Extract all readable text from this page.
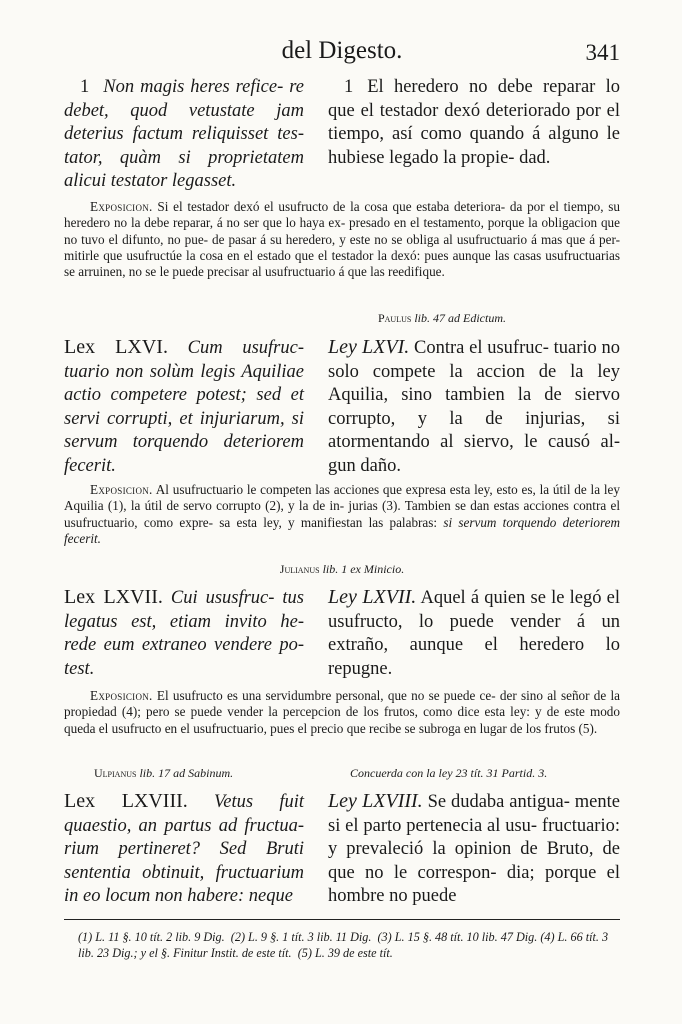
del Digesto.	341
1 Non magis heres refice- re debet, quod vetustate jam deterius factum reliquisset tes- tator, quàm si proprietatem alicui testator legasset.
1 El heredero no debe reparar lo que el testador dexó deteriorado por el tiempo, así como quando á alguno le hubiese legado la propie- dad.
Exposicion. Si el testador dexó el usufructo de la cosa que estaba deteriora- da por el tiempo, su heredero no la debe reparar, á no ser que lo haya ex- presado en el testamento, porque la obligacion que no tuvo el difunto, no pue- de pasar á su heredero, y este no se obliga al usufructuario á mas que á per- mitirle que usufructúe la cosa en el estado que el testador la dexó: pues aunque las casas usufructuarias se arruinen, no se le puede precisar al usufructuario á que las reedifique.
Paulus lib. 47 ad Edictum.
Lex LXVI. Cum usufruc- tuario non solùm legis Aquiliae actio competere potest; sed et servi corrupti, et injuriarum, si servum torquendo deteriorem fecerit.
Ley LXVI. Contra el usufruc- tuario no solo compete la accion de la ley Aquilia, sino tambien la de siervo corrupto, y la de injurias, si atormentando al siervo, le causó al- gun daño.
Exposicion. Al usufructuario le competen las acciones que expresa esta ley, esto es, la útil de la ley Aquilia (1), la útil de servo corrupto (2), y la de in- jurias (3). Tambien se dan estas acciones contra el usufructuario, como expre- sa esta ley, y manifiestan las palabras: si servum torquendo deteriorem fecerit.
Julianus lib. 1 ex Minicio.
Lex LXVII. Cui ususfruc- tus legatus est, etiam invito he- rede eum extraneo vendere po- test.
Ley LXVII. Aquel á quien se le legó el usufructo, lo puede vender á un extraño, aunque el heredero lo repugne.
Exposicion. El usufructo es una servidumbre personal, que no se puede ce- der sino al señor de la propiedad (4); pero se puede vender la percepcion de los frutos, como dice esta ley: y de este modo queda el usufructo en el usufructuario, pues el precio que recibe se subroga en lugar de los frutos (5).
Ulpianus lib. 17 ad Sabinum.	Concuerda con la ley 23 tít. 31 Partid. 3.
Lex LXVIII. Vetus fuit quaestio, an partus ad fructua- rium pertineret? Sed Bruti sententia obtinuit, fructuarium in eo locum non habere: neque
Ley LXVIII. Se dudaba antigua- mente si el parto pertenecia al usu- fructuario: y prevaleció la opinion de Bruto, de que no le correspon- dia; porque el hombre no puede
(1) L. 11 §. 10 tít. 2 lib. 9 Dig. (2) L. 9 §. 1 tít. 3 lib. 11 Dig. (3) L. 15 §. 48 tít. 10 lib. 47 Dig. (4) L. 66 tít. 3 lib. 23 Dig.; y el §. Finitur Instit. de este tít. (5) L. 39 de este tít.
